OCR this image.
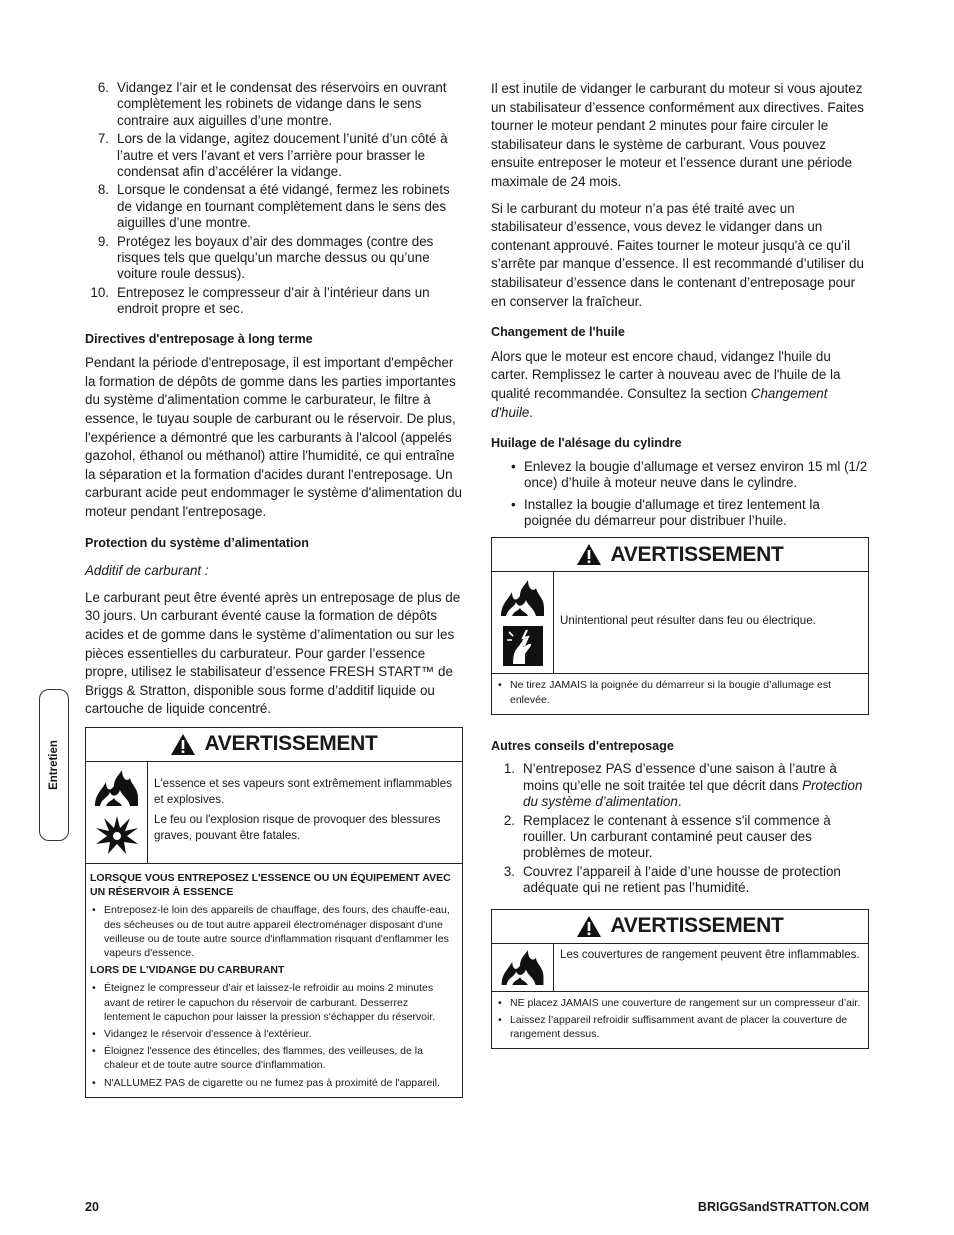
Entretien
6. Vidangez l’air et le condensat des réservoirs en ouvrant complètement les robinets de vidange dans le sens contraire aux aiguilles d’une montre.
7. Lors de la vidange, agitez doucement l’unité d’un côté à l’autre et vers l’avant et vers l’arrière pour brasser le condensat afin d’accélérer la vidange.
8. Lorsque le condensat a été vidangé, fermez les robinets de vidange en tournant complètement dans le sens des aiguilles d’une montre.
9. Protégez les boyaux d’air des dommages (contre des risques tels que quelqu’un marche dessus ou qu’une voiture roule dessus).
10. Entreposez le compresseur d’air à l’intérieur dans un endroit propre et sec.
Directives d'entreposage à long terme

Pendant la période d'entreposage, il est important d'empêcher la formation de dépôts de gomme dans les parties importantes du système d'alimentation comme le carburateur, le filtre à essence, le tuyau souple de carburant ou le réservoir. De plus, l'expérience a démontré que les carburants à l'alcool (appelés gazohol, éthanol ou méthanol) attire l'humidité, ce qui entraîne la séparation et la formation d'acides durant l'entreposage. Un carburant acide peut endommager le système d'alimentation du moteur pendant l'entreposage.

Protection du système d’alimentation

Additif de carburant :

Le carburant peut être éventé après un entreposage de plus de 30 jours. Un carburant éventé cause la formation de dépôts acides et de gomme dans le système d’alimentation ou sur les pièces essentielles du carburateur. Pour garder l’essence propre, utilisez le stabilisateur d’essence FRESH START™ de Briggs & Stratton, disponible sous forme d’additif liquide ou cartouche de liquide concentré.

AVERTISSEMENT

L'essence et ses vapeurs sont extrêmement inflammables et explosives.

Le feu ou l'explosion risque de provoquer des blessures graves, pouvant être fatales.

LORSQUE VOUS ENTREPOSEZ L'ESSENCE OU UN ÉQUIPEMENT AVEC UN RÉSERVOIR À ESSENCE
• Entreposez-le loin des appareils de chauffage, des fours, des chauffe-eau, des sécheuses ou de tout autre appareil électroménager disposant d'une veilleuse ou de toute autre source d'inflammation risquant d'enflammer les vapeurs d'essence.
LORS DE L'VIDANGE DU CARBURANT
• Éteignez le compresseur d’air et laissez-le refroidir au moins 2 minutes avant de retirer le capuchon du réservoir de carburant. Desserrez lentement le capuchon pour laisser la pression s'échapper du réservoir.
• Vidangez le réservoir d'essence à l'extérieur.
• Éloignez l'essence des étincelles, des flammes, des veilleuses, de la chaleur et de toute autre source d'inflammation.
• N'ALLUMEZ PAS de cigarette ou ne fumez pas à proximité de l'appareil.

Il est inutile de vidanger le carburant du moteur si vous ajoutez un stabilisateur d’essence conformément aux directives. Faites tourner le moteur pendant 2 minutes pour faire circuler le stabilisateur dans le système de carburant. Vous pouvez ensuite entreposer le moteur et l’essence durant une période maximale de 24 mois.

Si le carburant du moteur n’a pas été traité avec un stabilisateur d’essence, vous devez le vidanger dans un contenant approuvé. Faites tourner le moteur jusqu'à ce qu’il s’arrête par manque d’essence. Il est recommandé d’utiliser du stabilisateur d’essence dans le contenant d’entreposage pour en conserver la fraîcheur.

Changement de l'huile

Alors que le moteur est encore chaud, vidangez l'huile du carter. Remplissez le carter à nouveau avec de l'huile de la qualité recommandée. Consultez la section Changement d'huile.

Huilage de l'alésage du cylindre
• Enlevez la bougie d’allumage et versez environ 15 ml (1/2 once) d’huile à moteur neuve dans le cylindre.
• Installez la bougie d'allumage et tirez lentement la poignée du démarreur pour distribuer l’huile.
AVERTISSEMENT

Unintentional peut résulter dans feu ou électrique.

• Ne tirez JAMAIS la poignée du démarreur si la bougie d’allumage est enlevée.
Autres conseils d'entreposage
1. N’entreposez PAS d’essence d’une saison à l’autre à moins qu’elle ne soit traitée tel que décrit dans Protection du système d’alimentation.
2. Remplacez le contenant à essence s'il commence à rouiller. Un carburant contaminé peut causer des problèmes de moteur.
3. Couvrez l’appareil à l’aide d’une housse de protection adéquate qui ne retient pas l’humidité.
AVERTISSEMENT

Les couvertures de rangement peuvent être inflammables.

• NE placez JAMAIS une couverture de rangement sur un compresseur d’air.
• Laissez l’appareil refroidir suffisamment avant de placer la couverture de rangement dessus.
20	BRIGGSandSTRATTON.COM
